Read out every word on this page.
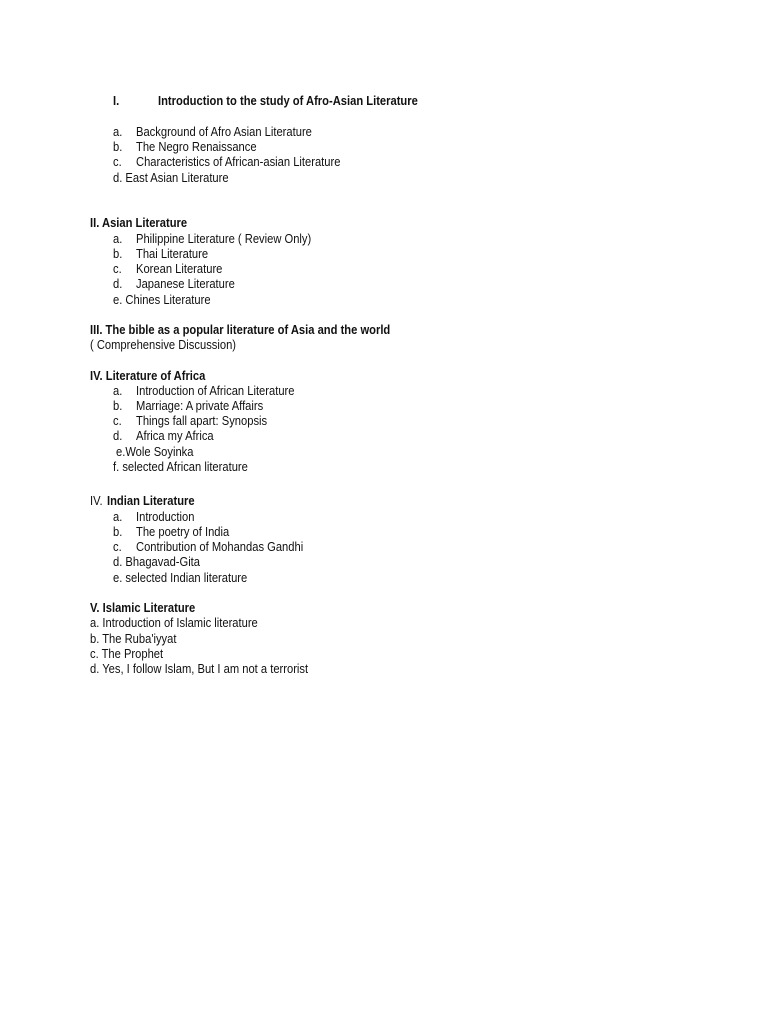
I.	Introduction to the study of Afro-Asian Literature
a. Background of Afro Asian Literature
b. The Negro Renaissance
c. Characteristics of African-asian Literature
d. East Asian Literature
II. Asian Literature
a. Philippine Literature ( Review Only)
b. Thai Literature
c. Korean Literature
d. Japanese Literature
e. Chines Literature
III. The bible as a popular literature of Asia and the world
( Comprehensive Discussion)
IV. Literature of Africa
a. Introduction of African Literature
b. Marriage: A private Affairs
c. Things fall apart: Synopsis
d. Africa my Africa
e.Wole Soyinka
f. selected African literature
IV. Indian Literature
a. Introduction
b. The poetry of India
c. Contribution of Mohandas Gandhi
d. Bhagavad-Gita
e. selected Indian literature
V. Islamic Literature
a. Introduction of Islamic literature
b. The Ruba'iyyat
c. The Prophet
d. Yes, I follow Islam, But I am not a terrorist
